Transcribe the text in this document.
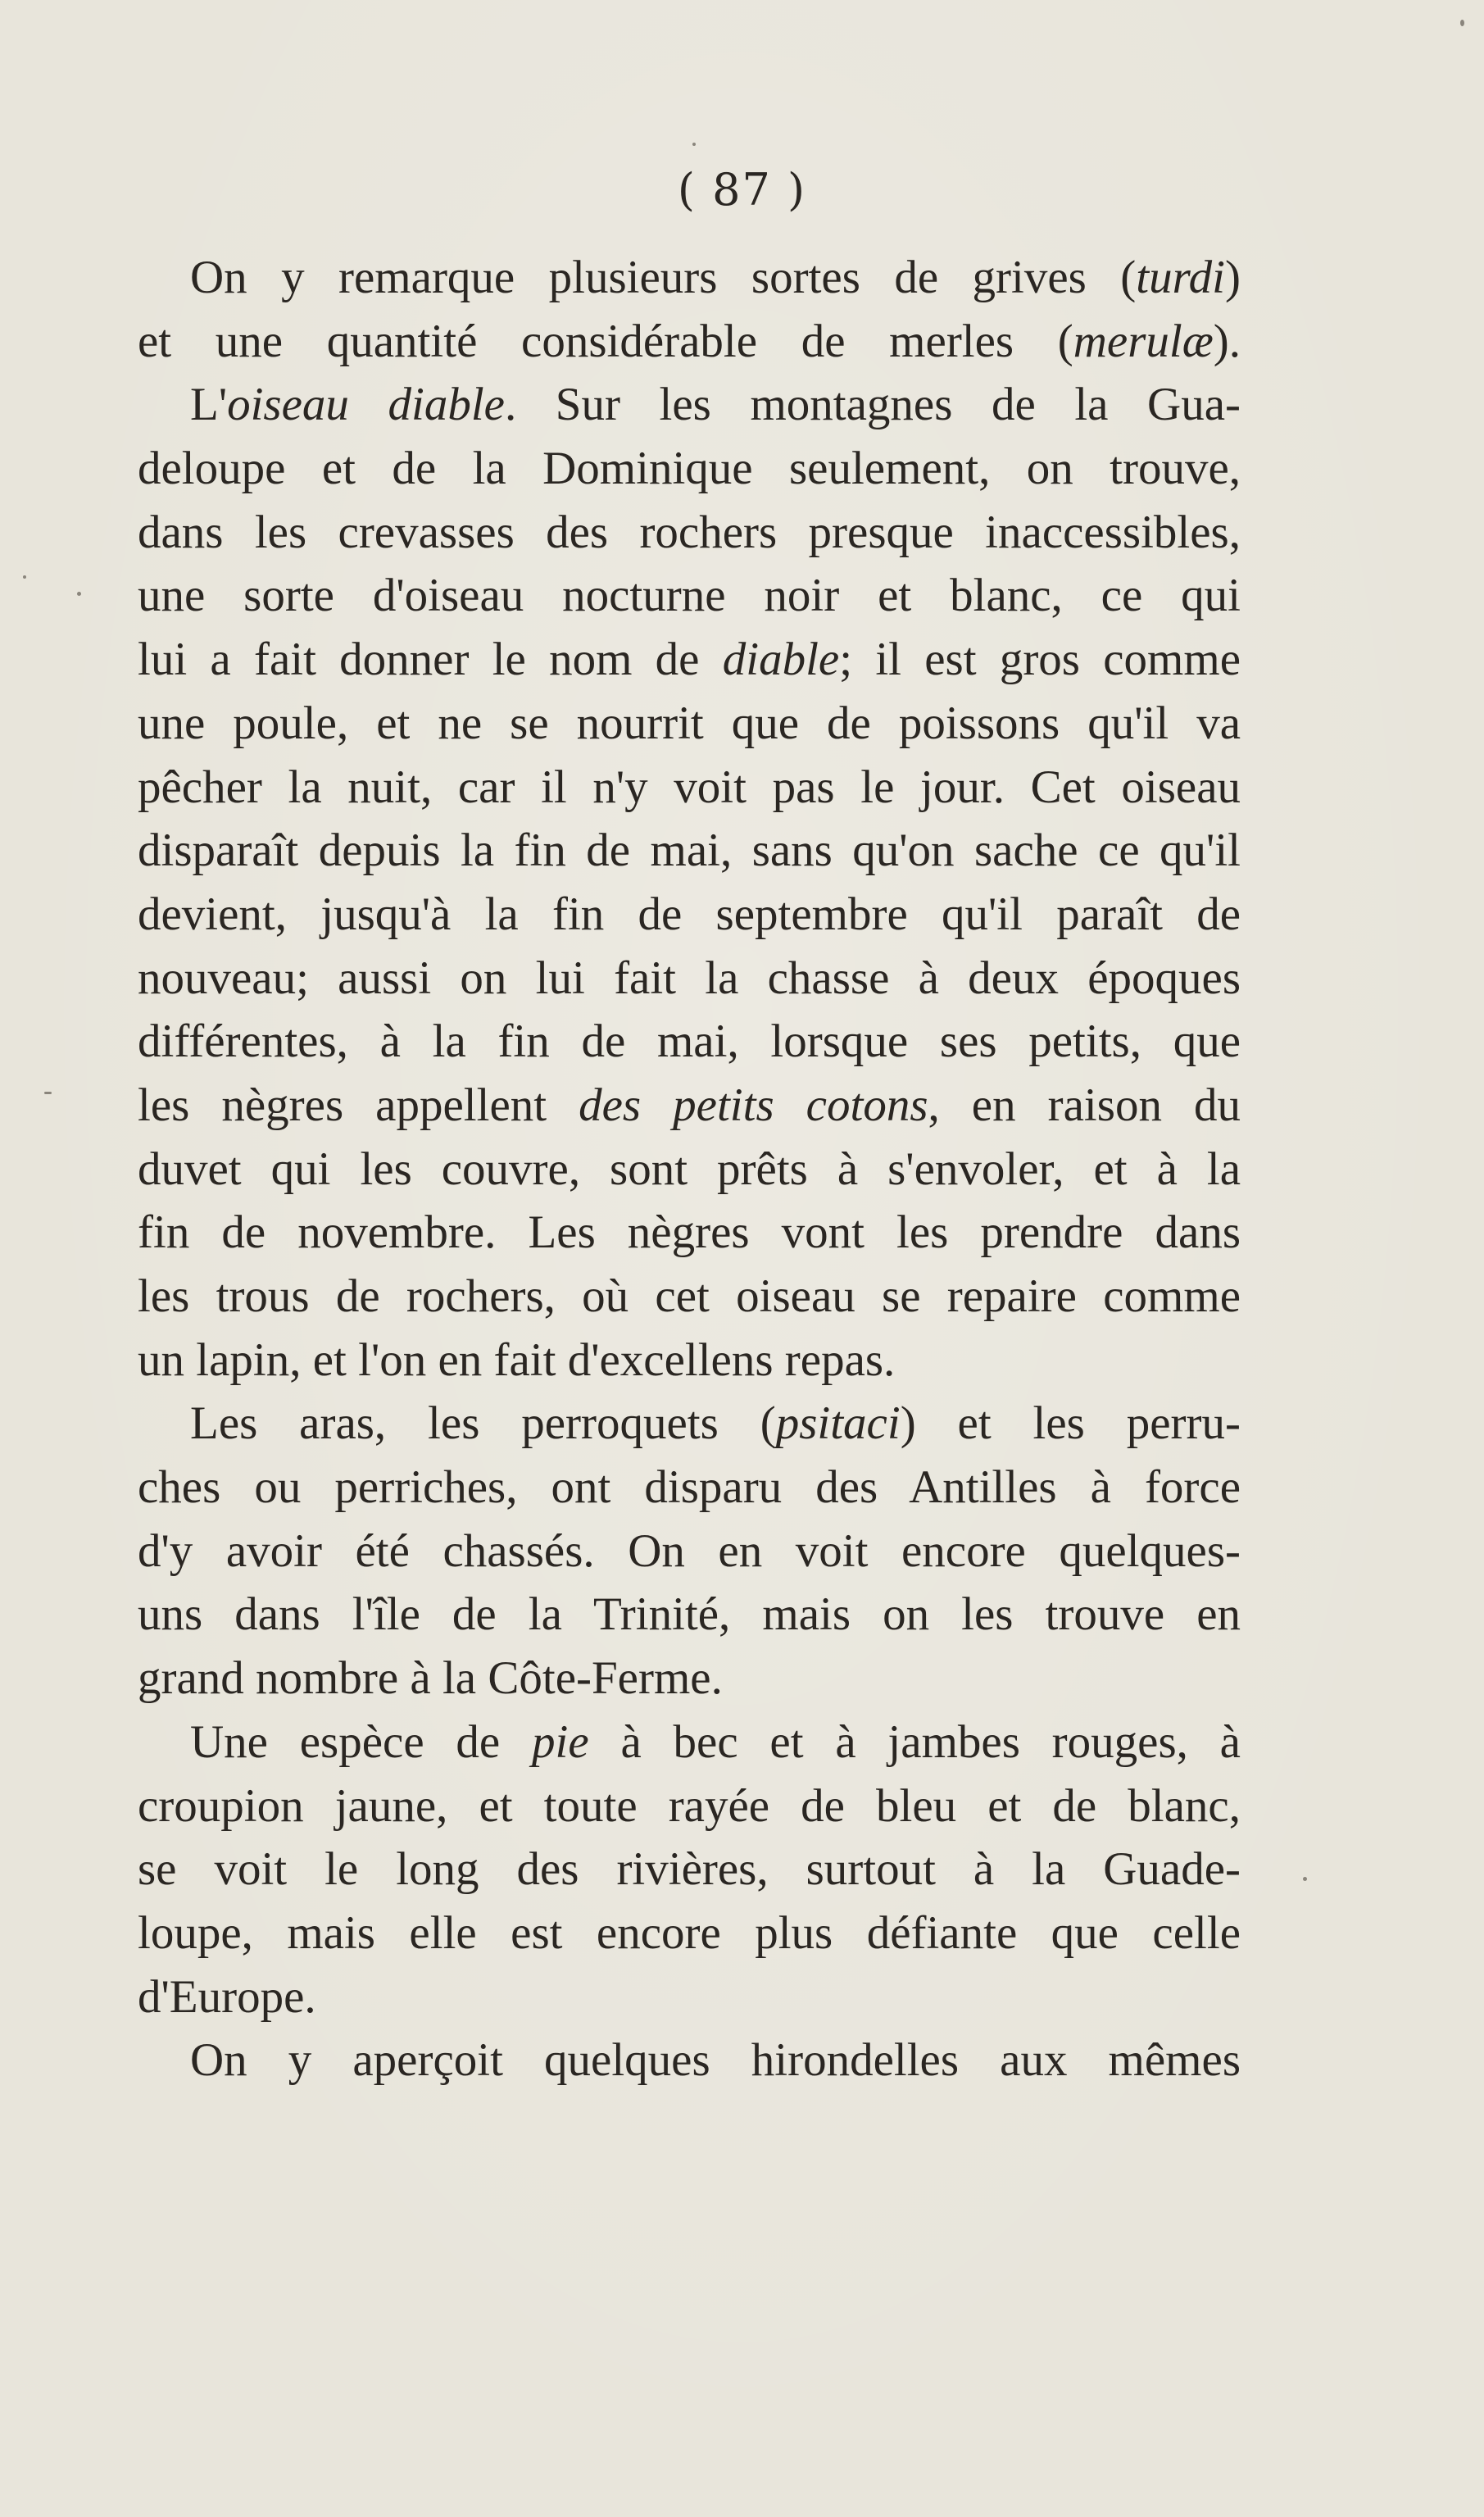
( 87 )
On y remarque plusieurs sortes de grives (turdi)
et une quantité considérable de merles (merulæ).
L'oiseau diable. Sur les montagnes de la Gua-
deloupe et de la Dominique seulement, on trouve,
dans les crevasses des rochers presque inaccessibles,
une sorte d'oiseau nocturne noir et blanc, ce qui
lui a fait donner le nom de diable; il est gros comme
une poule, et ne se nourrit que de poissons qu'il va
pêcher la nuit, car il n'y voit pas le jour. Cet oiseau
disparaît depuis la fin de mai, sans qu'on sache ce qu'il
devient, jusqu'à la fin de septembre qu'il paraît de
nouveau; aussi on lui fait la chasse à deux époques
différentes, à la fin de mai, lorsque ses petits, que
les nègres appellent des petits cotons, en raison du
duvet qui les couvre, sont prêts à s'envoler, et à la
fin de novembre. Les nègres vont les prendre dans
les trous de rochers, où cet oiseau se repaire comme
un lapin, et l'on en fait d'excellens repas.
Les aras, les perroquets (psitaci) et les perru-
ches ou perriches, ont disparu des Antilles à force
d'y avoir été chassés. On en voit encore quelques-
uns dans l'île de la Trinité, mais on les trouve en
grand nombre à la Côte-Ferme.
Une espèce de pie à bec et à jambes rouges, à
croupion jaune, et toute rayée de bleu et de blanc,
se voit le long des rivières, surtout à la Guade-
loupe, mais elle est encore plus défiante que celle
d'Europe.
On y aperçoit quelques hirondelles aux mêmes
